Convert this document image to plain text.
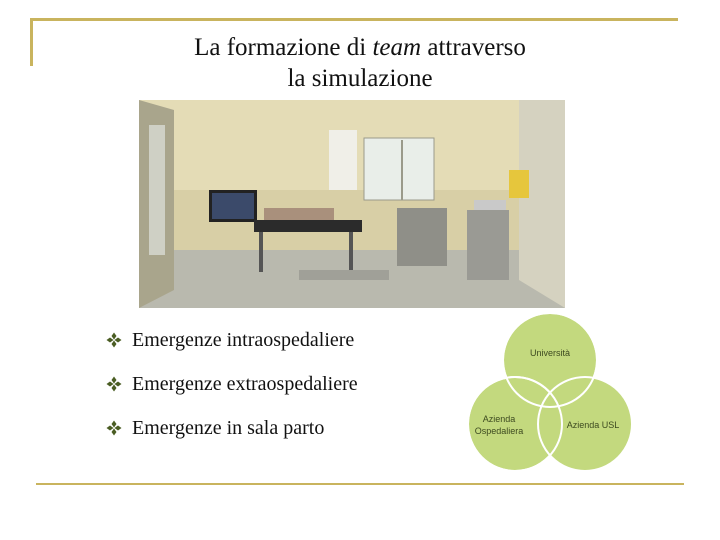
La formazione di team attraverso
la simulazione
Emergenze intraospedaliere
Emergenze extraospedaliere
Emergenze in sala parto
Università
Azienda
Ospedaliera
Azienda USL
